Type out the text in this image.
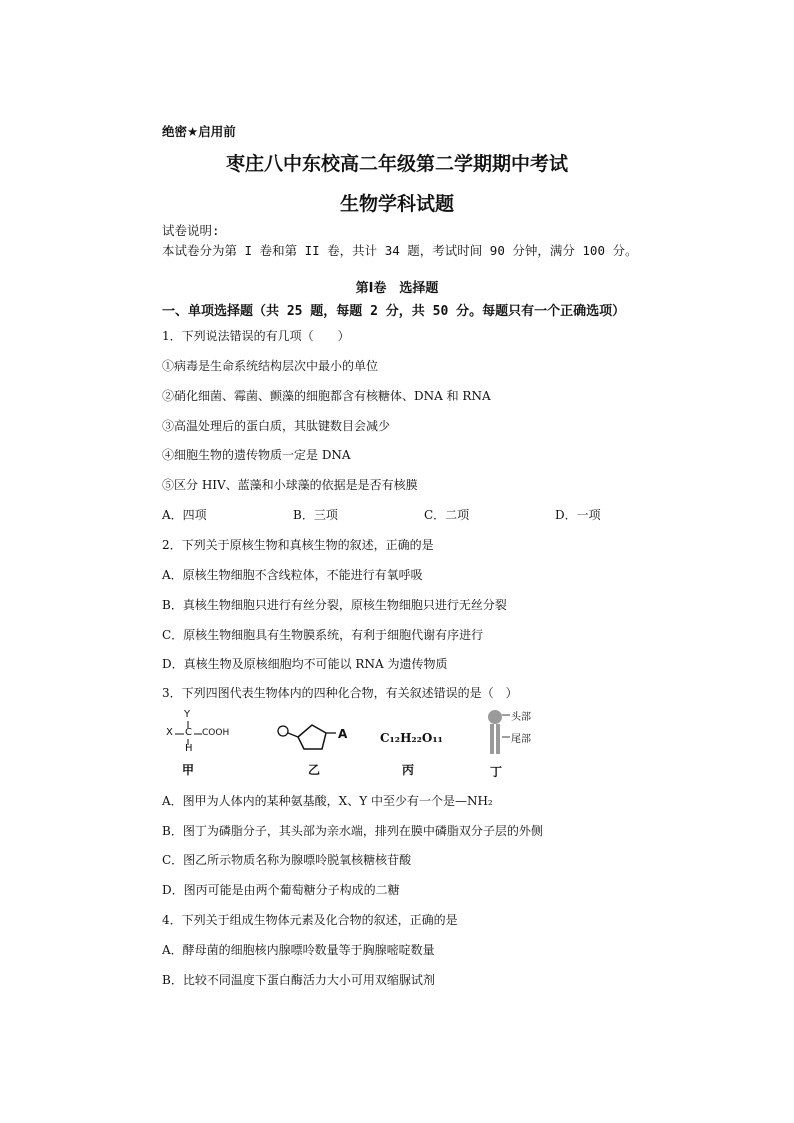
绝密★启用前
枣庄八中东校高二年级第二学期期中考试
生物学科试题
试卷说明:
本试卷分为第 I 卷和第 II 卷，共计 34 题，考试时间 90 分钟，满分 100 分。
第Ⅰ卷　选择题
一、单项选择题（共 25 题，每题 2 分，共 50 分。每题只有一个正确选项）
1．下列说法错误的有几项（　　）
①病毒是生命系统结构层次中最小的单位
②硝化细菌、霉菌、颤藻的细胞都含有核糖体、DNA 和 RNA
③高温处理后的蛋白质，其肽键数目会减少
④细胞生物的遗传物质一定是 DNA
⑤区分 HIV、蓝藻和小球藻的依据是是否有核膜
A．四项	B．三项	C．二项	D．一项
2．下列关于原核生物和真核生物的叙述，正确的是
A．原核生物细胞不含线粒体，不能进行有氧呼吸
B．真核生物细胞只进行有丝分裂，原核生物细胞只进行无丝分裂
C．原核生物细胞具有生物膜系统，有利于细胞代谢有序进行
D．真核生物及原核细胞均不可能以 RNA 为遗传物质
3．下列四图代表生物体内的四种化合物，有关叙述错误的是（　）
Y
X C COOH
H
甲
A
乙
C₁₂H₂₂O₁₁
丙
头部
尾部
丁
A．图甲为人体内的某种氨基酸，X、Y 中至少有一个是—NH₂
B．图丁为磷脂分子，其头部为亲水端，排列在膜中磷脂双分子层的外侧
C．图乙所示物质名称为腺嘌呤脱氧核糖核苷酸
D．图丙可能是由两个葡萄糖分子构成的二糖
4．下列关于组成生物体元素及化合物的叙述，正确的是
A．酵母菌的细胞核内腺嘌呤数量等于胸腺嘧啶数量
B．比较不同温度下蛋白酶活力大小可用双缩脲试剂
